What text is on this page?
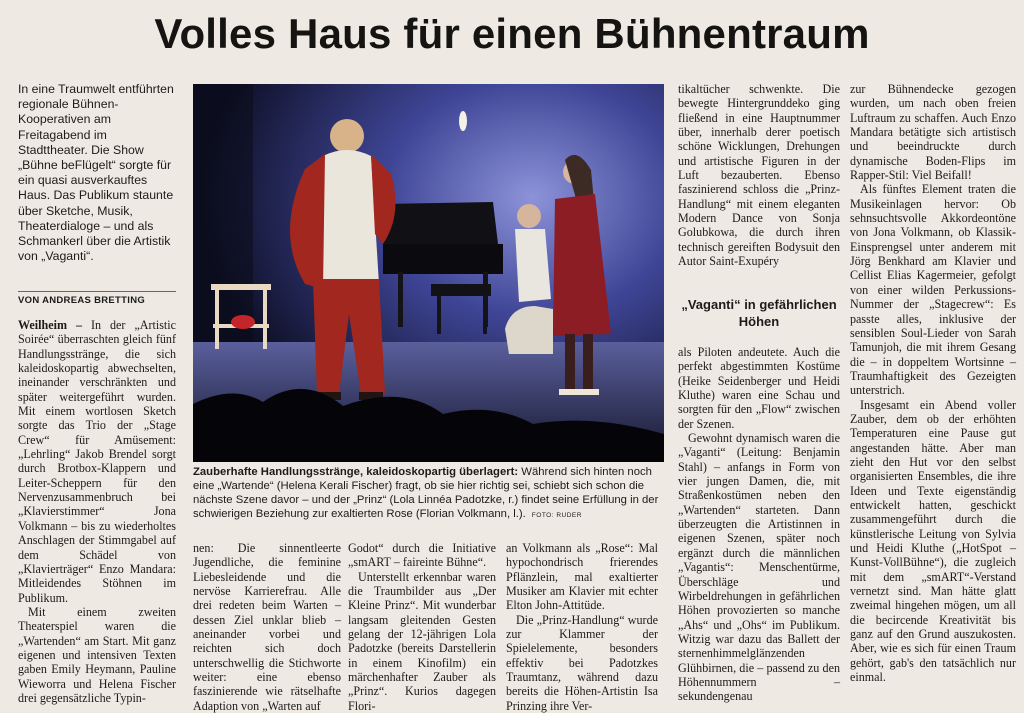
Volles Haus für einen Bühnentraum
In eine Traumwelt entführten regionale Bühnen-Kooperativen am Freitagabend im Stadttheater. Die Show „Bühne beFlügelt“ sorgte für ein quasi ausverkauftes Haus. Das Publikum staunte über Sketche, Musik, Theaterdialoge – und als Schmankerl über die Artistik von „Vaganti“.
VON ANDREAS BRETTING

Weilheim – In der „Artistic Soirée“ überraschten gleich fünf Handlungsstränge, die sich kaleidoskopartig abwechselten, ineinander verschränkten und später weitergeführt wurden. Mit einem wortlosen Sketch sorgte das Trio der „Stage Crew“ für Amüsement: „Lehrling“ Jakob Brendel sorgt durch Brotbox-Klappern und Leiter-Scheppern für den Nervenzusammenbruch bei „Klavierstimmer“ Jona Volkmann – bis zu wiederholtes Anschlagen der Stimmgabel auf dem Schädel von „Klavierträger“ Enzo Mandara: Mitleidendes Stöhnen im Publikum.

Mit einem zweiten Theaterspiel waren die „Wartenden“ am Start. Mit ganz eigenen und intensiven Texten gaben Emily Heymann, Pauline Wieworra und Helena Fischer drei gegensätzliche Typin-

Zauberhafte Handlungsstränge, kaleidoskopartig überlagert: Während sich hinten noch eine „Wartende“ (Helena Kerali Fischer) fragt, ob sie hier richtig sei, schiebt sich schon die nächste Szene davor – und der „Prinz“ (Lola Linnéa Padotzke, r.) findet seine Erfüllung in der schwierigen Beziehung zur exaltierten Rose (Florian Volkmann, l.). FOTO: RUDER

nen: Die sinnentleerte Jugendliche, die feminine Liebesleidende und die nervöse Karrierefrau. Alle drei redeten beim Warten – dessen Ziel unklar blieb – aneinander vorbei und reichten sich doch unterschwellig die Stichworte weiter: eine ebenso faszinierende wie rätselhafte Adaption von „Warten auf

Godot“ durch die Initiative „smART – faireinte Bühne“.

Unterstellt erkennbar waren die Traumbilder aus „Der Kleine Prinz“. Mit wunderbar langsam gleitenden Gesten gelang der 12-jährigen Lola Padotzke (bereits Darstellerin in einem Kinofilm) ein märchenhafter Zauber als „Prinz“. Kurios dagegen Flori-

an Volkmann als „Rose“: Mal hypochondrisch frierendes Pflänzlein, mal exaltierter Musiker am Klavier mit echter Elton John-Attitüde.

Die „Prinz-Handlung“ wurde zur Klammer der Spielelemente, besonders effektiv bei Padotzkes Traumtanz, während dazu bereits die Höhen-Artistin Isa Prinzing ihre Ver-

tikaltücher schwenkte. Die bewegte Hintergrunddeko ging fließend in eine Hauptnummer über, innerhalb derer poetisch schöne Wicklungen, Drehungen und artistische Figuren in der Luft bezauberten. Ebenso faszinierend schloss die „Prinz-Handlung“ mit einem eleganten Modern Dance von Sonja Golubkowa, die durch ihren technisch gereiften Bodysuit den Autor Saint-Exupéry

„Vaganti“ in gefährlichen Höhen

als Piloten andeutete. Auch die perfekt abgestimmten Kostüme (Heike Seidenberger und Heidi Kluthe) waren eine Schau und sorgten für den „Flow“ zwischen der Szenen.

Gewohnt dynamisch waren die „Vaganti“ (Leitung: Benjamin Stahl) – anfangs in Form von vier jungen Damen, die, mit Straßenkostümen neben den „Wartenden“ starteten. Dann überzeugten die Artistinnen in eigenen Szenen, später noch ergänzt durch die männlichen „Vagantis“: Menschentürme, Überschläge und Wirbeldrehungen in gefährlichen Höhen provozierten so manche „Ahs“ und „Ohs“ im Publikum. Witzig war dazu das Ballett der sternenhimmelglänzenden Glühbirnen, die – passend zu den Höhennummern – sekundengenau

zur Bühnendecke gezogen wurden, um nach oben freien Luftraum zu schaffen. Auch Enzo Mandara betätigte sich artistisch und beeindruckte durch dynamische Boden-Flips im Rapper-Stil: Viel Beifall!

Als fünftes Element traten die Musikeinlagen hervor: Ob sehnsuchtsvolle Akkordeontöne von Jona Volkmann, ob Klassik-Einsprengsel unter anderem mit Jörg Benkhard am Klavier und Cellist Elias Kagermeier, gefolgt von einer wilden Perkussions-Nummer der „Stagecrew“: Es passte alles, inklusive der sensiblen Soul-Lieder von Sarah Tamunjoh, die mit ihrem Gesang die – in doppeltem Wortsinne – Traumhaftigkeit des Gezeigten unterstrich.

Insgesamt ein Abend voller Zauber, dem ob der erhöhten Temperaturen eine Pause gut angestanden hätte. Aber man zieht den Hut vor den selbst organisierten Ensembles, die ihre Ideen und Texte eigenständig entwickelt hatten, geschickt zusammengeführt durch die künstlerische Leitung von Sylvia und Heidi Kluthe („HotSpot – Kunst-VollBühne“), die zugleich mit dem „smART“-Verstand vernetzt sind. Man hätte glatt zweimal hingehen mögen, um all die becircende Kreativität bis ganz auf den Grund auszukosten. Aber, wie es sich für einen Traum gehört, gab's den tatsächlich nur einmal.
